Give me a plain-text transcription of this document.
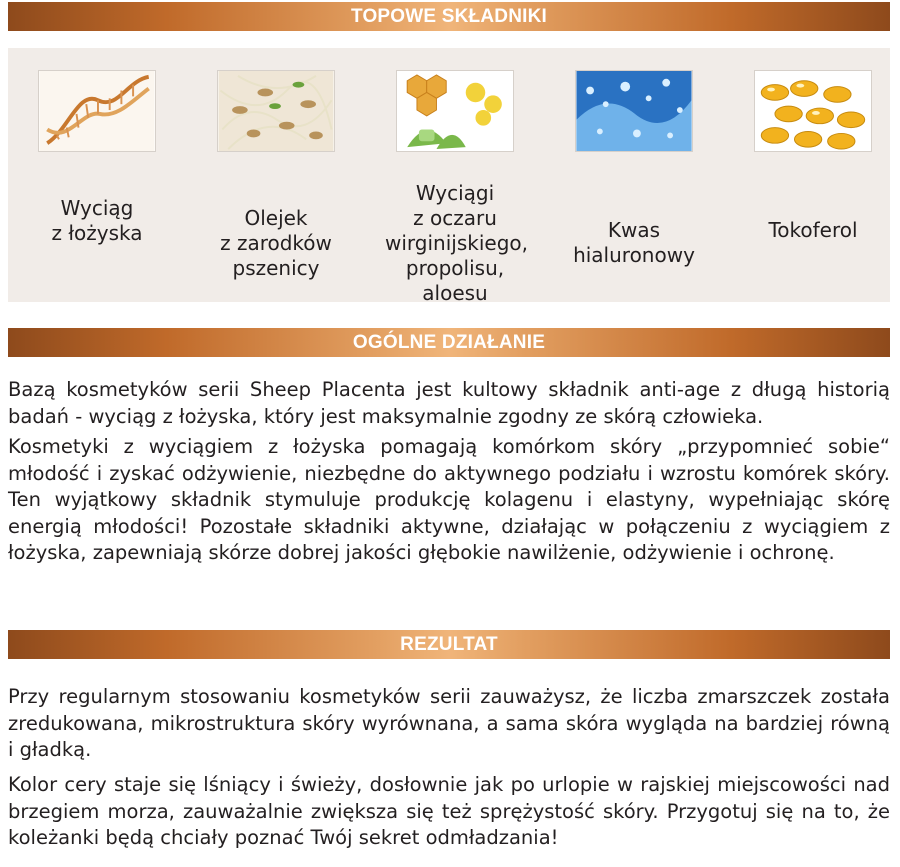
TOPOWE SKŁADNIKI
Wyciąg
z łożyska
Olejek
z zarodków
pszenicy
Wyciągi
z oczaru
wirginijskiego,
propolisu,
aloesu
Kwas
hialuronowy
Tokoferol
OGÓLNE DZIAŁANIE
Bazą kosmetyków serii Sheep Placenta jest kultowy składnik anti-age z długą historią badań - wyciąg z łożyska, który jest maksymalnie zgodny ze skórą człowieka.
Kosmetyki z wyciągiem z łożyska pomagają komórkom skóry „przypomnieć sobie“ młodość i zyskać odżywienie, niezbędne do aktywnego podziału i wzrostu komórek skóry. Ten wyjątkowy składnik stymuluje produkcję kolagenu i elastyny, wypełniając skórę energią młodości! Pozostałe składniki aktywne, działając w połączeniu z wyciągiem z łożyska, zapewniają skórze dobrej jakości głębokie nawilżenie, odżywienie i ochronę.
REZULTAT
Przy regularnym stosowaniu kosmetyków serii zauważysz, że liczba zmarszczek została zredukowana, mikrostruktura skóry wyrównana, a sama skóra wygląda na bardziej równą i gładką.
Kolor cery staje się lśniący i świeży, dosłownie jak po urlopie w rajskiej miejscowości nad brzegiem morza, zauważalnie zwiększa się też sprężystość skóry. Przygotuj się na to, że koleżanki będą chciały poznać Twój sekret odmładzania!
